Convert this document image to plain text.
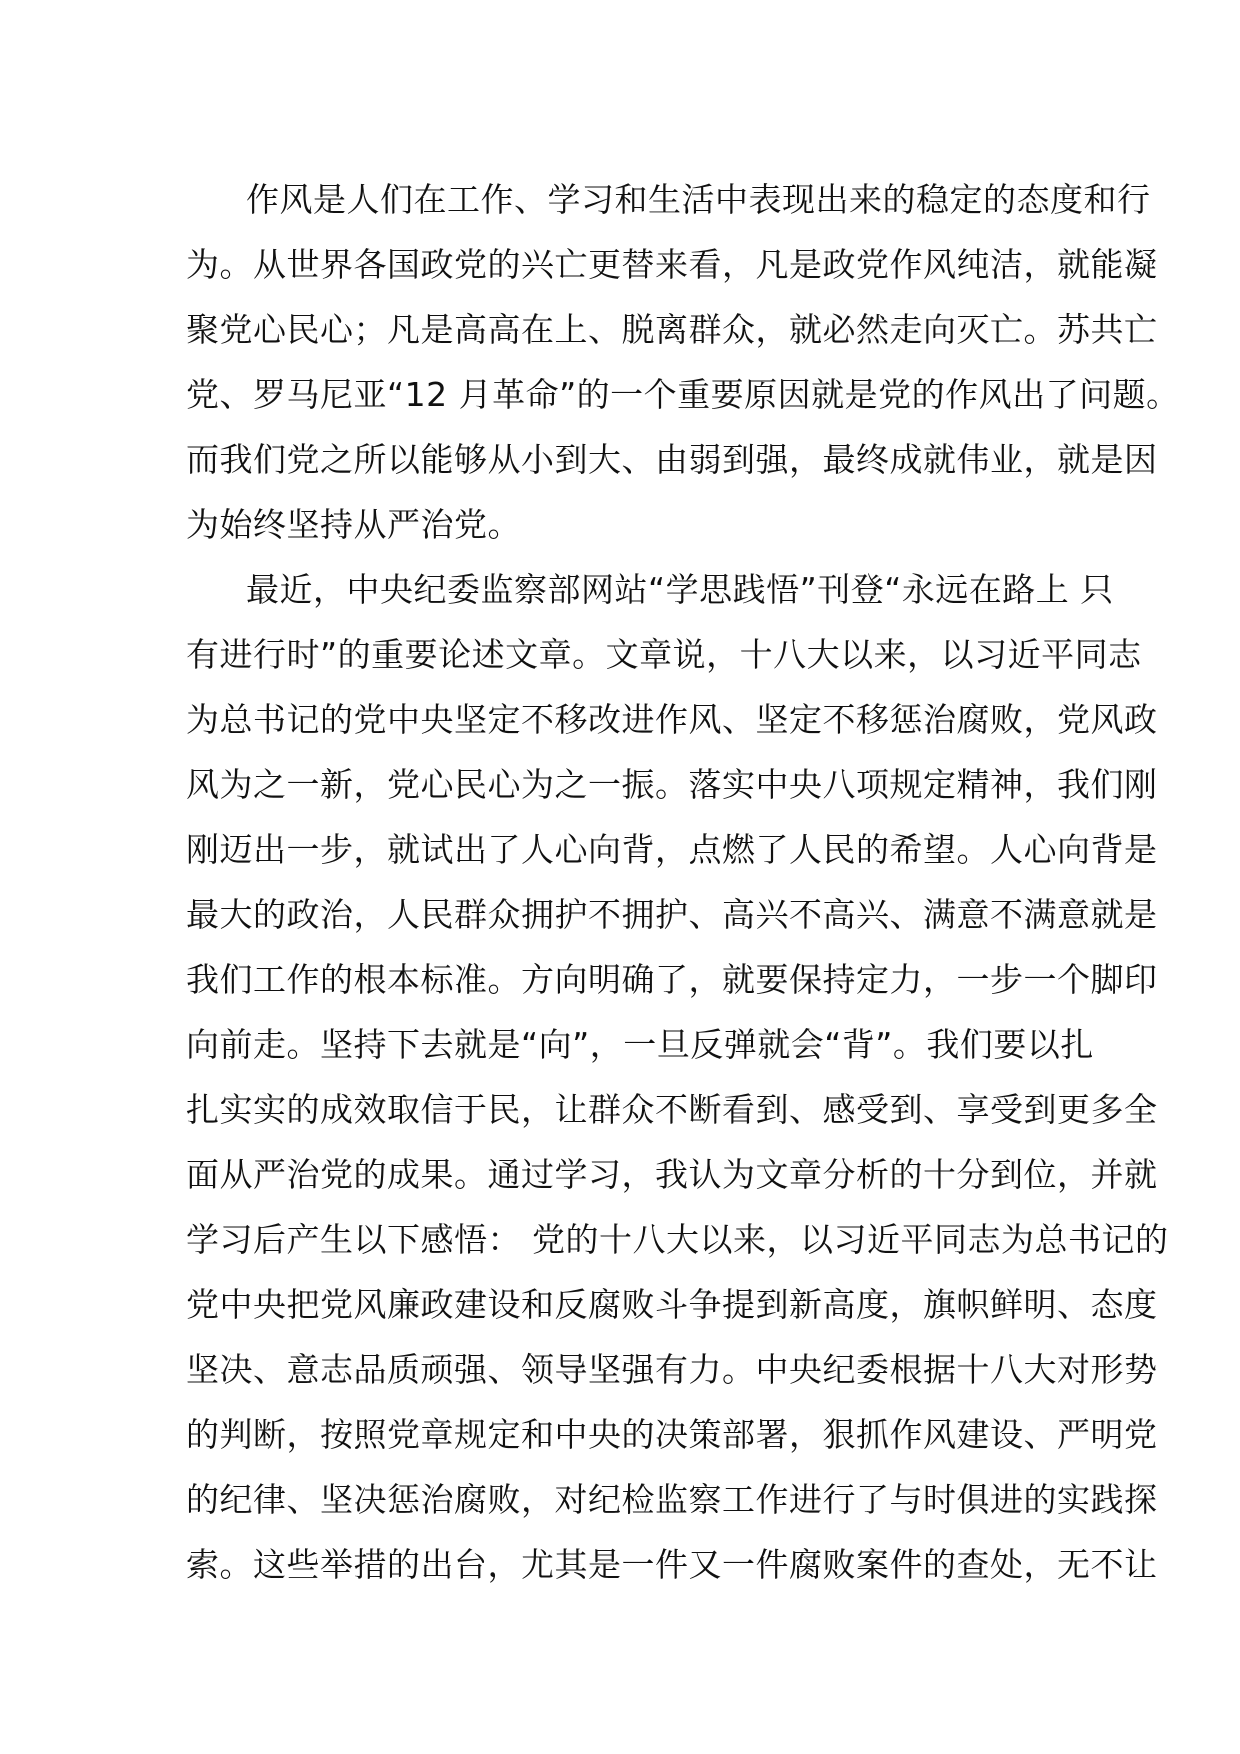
作风是人们在工作、学习和生活中表现出来的稳定的态度和行
为。从世界各国政党的兴亡更替来看，凡是政党作风纯洁，就能凝
聚党心民心；凡是高高在上、脱离群众，就必然走向灭亡。苏共亡
党、罗马尼亚“12 月革命”的一个重要原因就是党的作风出了问题。
而我们党之所以能够从小到大、由弱到强，最终成就伟业，就是因
为始终坚持从严治党。
最近，中央纪委监察部网站“学思践悟”刊登“永远在路上 只
有进行时”的重要论述文章。文章说，十八大以来，以习近平同志
为总书记的党中央坚定不移改进作风、坚定不移惩治腐败，党风政
风为之一新，党心民心为之一振。落实中央八项规定精神，我们刚
刚迈出一步，就试出了人心向背，点燃了人民的希望。人心向背是
最大的政治，人民群众拥护不拥护、高兴不高兴、满意不满意就是
我们工作的根本标准。方向明确了，就要保持定力，一步一个脚印
向前走。坚持下去就是“向”，一旦反弹就会“背”。我们要以扎
扎实实的成效取信于民，让群众不断看到、感受到、享受到更多全
面从严治党的成果。通过学习，我认为文章分析的十分到位，并就
学习后产生以下感悟： 党的十八大以来，以习近平同志为总书记的
党中央把党风廉政建设和反腐败斗争提到新高度，旗帜鲜明、态度
坚决、意志品质顽强、领导坚强有力。中央纪委根据十八大对形势
的判断，按照党章规定和中央的决策部署，狠抓作风建设、严明党
的纪律、坚决惩治腐败，对纪检监察工作进行了与时俱进的实践探
索。这些举措的出台，尤其是一件又一件腐败案件的查处，无不让
